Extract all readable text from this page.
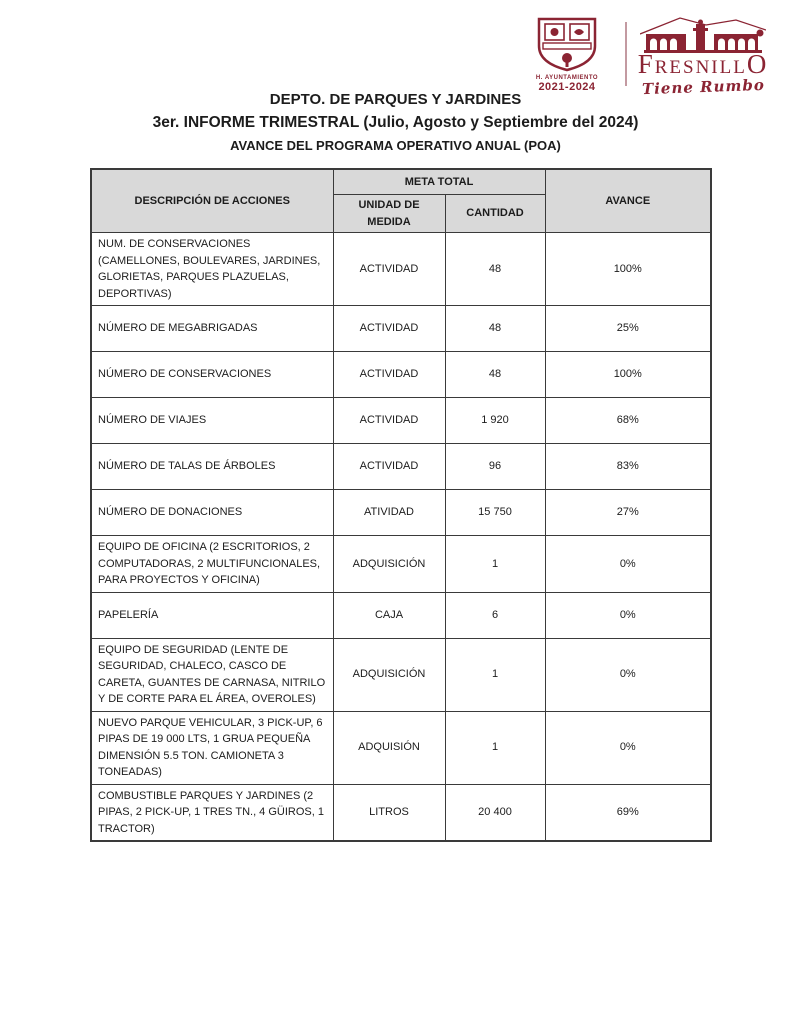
H. AYUNTAMIENTO
2021-2024
FRESNILLO
Tiene Rumbo
DEPTO. DE PARQUES Y JARDINES
3er. INFORME TRIMESTRAL (Julio, Agosto y Septiembre del 2024)
AVANCE DEL PROGRAMA OPERATIVO ANUAL (POA)
DESCRIPCIÓN DE ACCIONES	META TOTAL		AVANCE
	UNIDAD DE MEDIDA	CANTIDAD	
NUM. DE CONSERVACIONES (CAMELLONES, BOULEVARES, JARDINES, GLORIETAS, PARQUES PLAZUELAS, DEPORTIVAS)	ACTIVIDAD	48	100%
NÚMERO DE MEGABRIGADAS	ACTIVIDAD	48	25%
NÚMERO DE CONSERVACIONES	ACTIVIDAD	48	100%
NÚMERO DE VIAJES	ACTIVIDAD	1 920	68%
NÚMERO DE TALAS DE ÁRBOLES	ACTIVIDAD	96	83%
NÚMERO DE DONACIONES	ATIVIDAD	15 750	27%
EQUIPO DE OFICINA (2 ESCRITORIOS, 2 COMPUTADORAS, 2 MULTIFUNCIONALES, PARA PROYECTOS Y OFICINA)	ADQUISICIÓN	1	0%
PAPELERÍA	CAJA	6	0%
EQUIPO DE SEGURIDAD (LENTE DE SEGURIDAD, CHALECO, CASCO DE CARETA, GUANTES DE CARNASA, NITRILO Y DE CORTE PARA EL ÁREA, OVEROLES)	ADQUISICIÓN	1	0%
NUEVO PARQUE VEHICULAR, 3 PICK-UP, 6 PIPAS DE 19 000 LTS, 1 GRUA PEQUEÑA DIMENSIÓN 5.5 TON. CAMIONETA 3 TONEADAS)	ADQUISIÓN	1	0%
COMBUSTIBLE PARQUES Y JARDINES (2 PIPAS, 2 PICK-UP, 1 TRES TN., 4 GÜIROS, 1 TRACTOR)	LITROS	20 400	69%
